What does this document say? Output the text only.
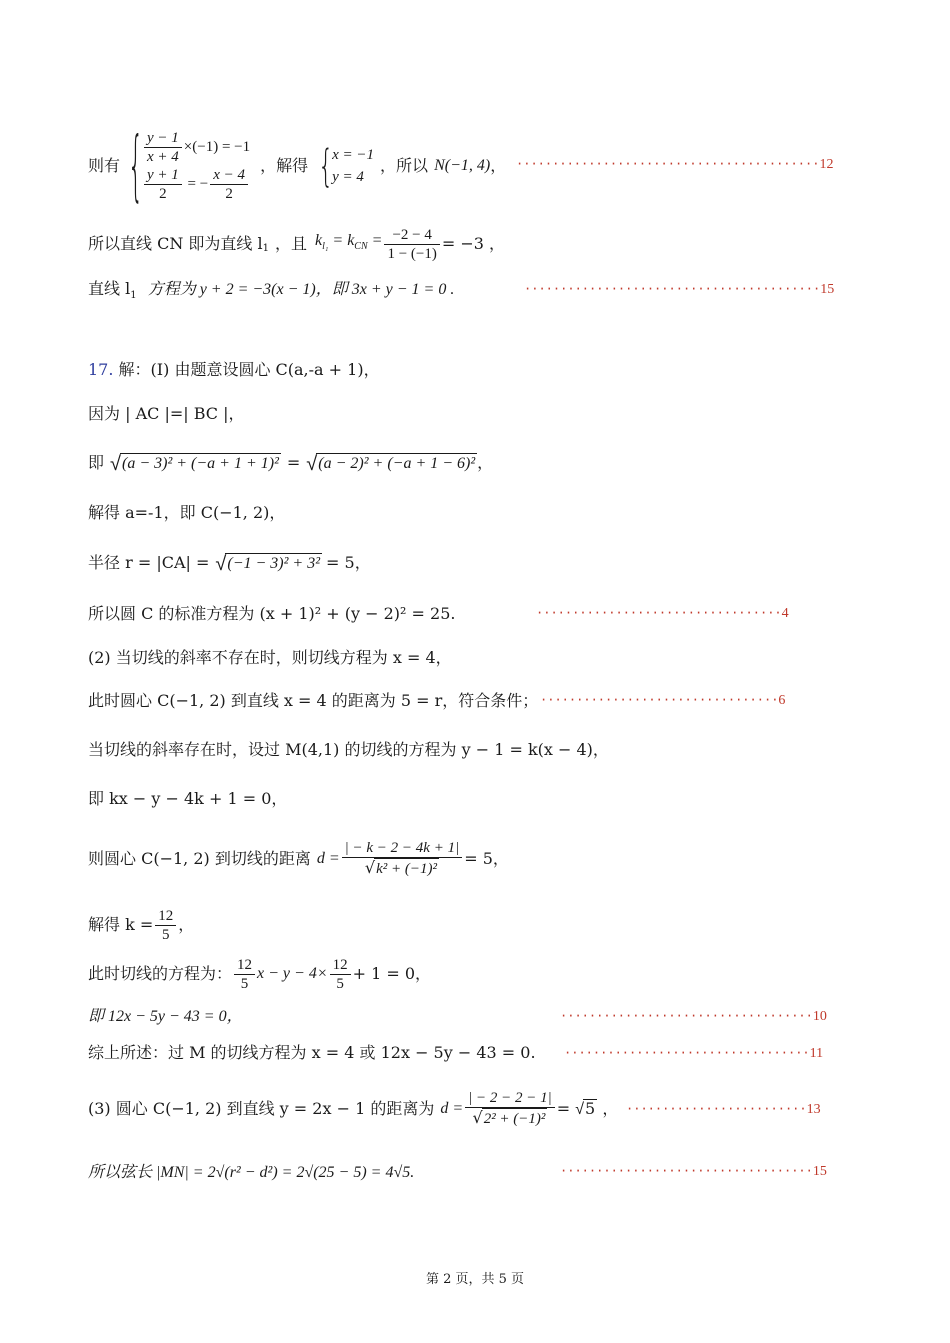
则有 { $\frac{y - 1}{x + 4} \times(-1) = -1$
$\frac{y + 1}{2}$ = − $\frac{x - 4}{2}$
，解得
{ x = −1
y = 4
，所以 N(−1, 4) ， ··········································12
所以直线 CN 即为直线 $l_1$ ，且 $k_{l_1} = k_{CN} = \frac{-2 - 4}{1 - (-1)} = -3$ ，
直线 $l_1$ 方程为 y + 2 = −3(x − 1)，即 3x + y − 1 = 0 .	·········································15
17. 解：(I) 由题意设圆心 C(a,-a + 1)，
因为 | AC |=| BC |，
即 √ (a − 3)² + (−a + 1 + 1)² = √ (a − 2)² + (−a + 1 − 6)² ，
解得 a=-1，即 C(−1, 2)，
半径 r = |CA| = √ (−1 − 3)² + 3² = 5，
所以圆 C 的标准方程为 (x + 1)² + (y − 2)² = 25.	··································4
(2) 当切线的斜率不存在时，则切线方程为 x = 4，
此时圆心 C(−1, 2) 到直线 x = 4 的距离为 5 = r，符合条件； ·································6
当切线的斜率存在时，设过 M(4,1) 的切线的方程为 y − 1 = k(x − 4)，
即 kx − y − 4k + 1 = 0，
则圆心 C(−1, 2) 到切线的距离 $d = \frac{| - k - 2 - 4k + 1|}{\text{√k² + (−1)²}} = 5$，
解得 $k = \frac{12}{5}$ ，
此时切线的方程为： 12
5
$x - y - 4\times \frac{12}{5} + 1 = 0$，
即 12x − 5y − 43 = 0，	···································10
综上所述：过 M 的切线方程为 x = 4 或 12x − 5y − 43 = 0. ··································11
(3) 圆心 C(−1, 2) 到直线 y = 2x − 1 的距离为 $d = \frac{| - 2 - 2 - 1|}{\text{√2² + (−1)²}} = √5$ ， ·························13
所以弦长 |MN| = 2√(r² − d²) = 2√(25 − 5) = 4√5.	···································15
第 2 页，共 5 页
